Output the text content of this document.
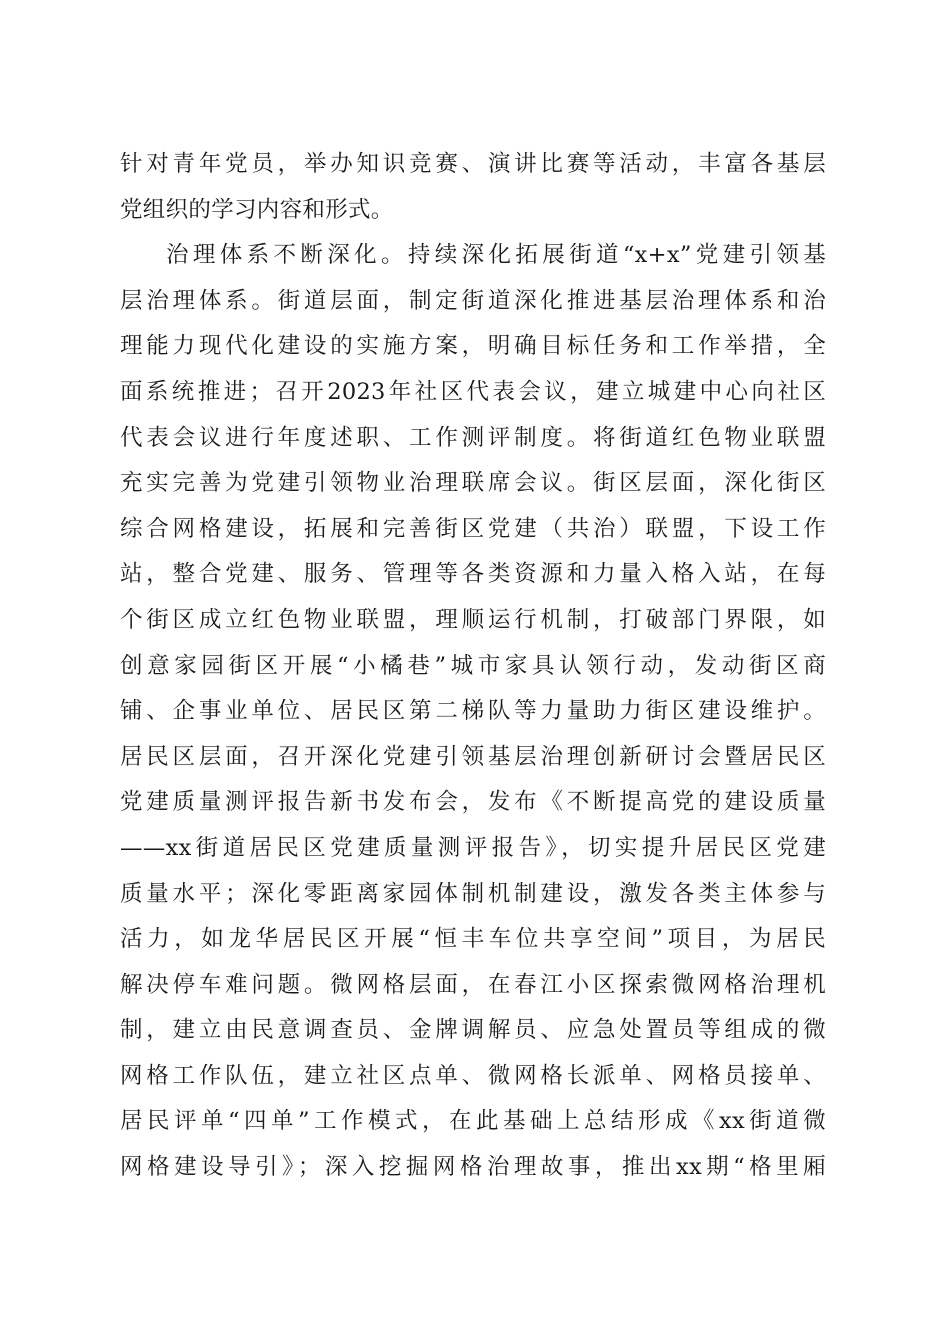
针对青年党员，举办知识竞赛、演讲比赛等活动，丰富各基层
党组织的学习内容和形式。
治理体系不断深化。持续深化拓展街道“x+x”党建引领基
层治理体系。街道层面，制定街道深化推进基层治理体系和治
理能力现代化建设的实施方案，明确目标任务和工作举措，全
面系统推进；召开2023年社区代表会议，建立城建中心向社区
代表会议进行年度述职、工作测评制度。将街道红色物业联盟
充实完善为党建引领物业治理联席会议。街区层面，深化街区
综合网格建设，拓展和完善街区党建（共治）联盟，下设工作
站，整合党建、服务、管理等各类资源和力量入格入站，在每
个街区成立红色物业联盟，理顺运行机制，打破部门界限，如
创意家园街区开展“小橘巷”城市家具认领行动，发动街区商
铺、企事业单位、居民区第二梯队等力量助力街区建设维护。
居民区层面，召开深化党建引领基层治理创新研讨会暨居民区
党建质量测评报告新书发布会，发布《不断提高党的建设质量
——xx街道居民区党建质量测评报告》，切实提升居民区党建
质量水平；深化零距离家园体制机制建设，激发各类主体参与
活力，如龙华居民区开展“恒丰车位共享空间”项目，为居民
解决停车难问题。微网格层面，在春江小区探索微网格治理机
制，建立由民意调查员、金牌调解员、应急处置员等组成的微
网格工作队伍，建立社区点单、微网格长派单、网格员接单、
居民评单“四单”工作模式，在此基础上总结形成《xx街道微
网格建设导引》；深入挖掘网格治理故事，推出xx期“格里厢
